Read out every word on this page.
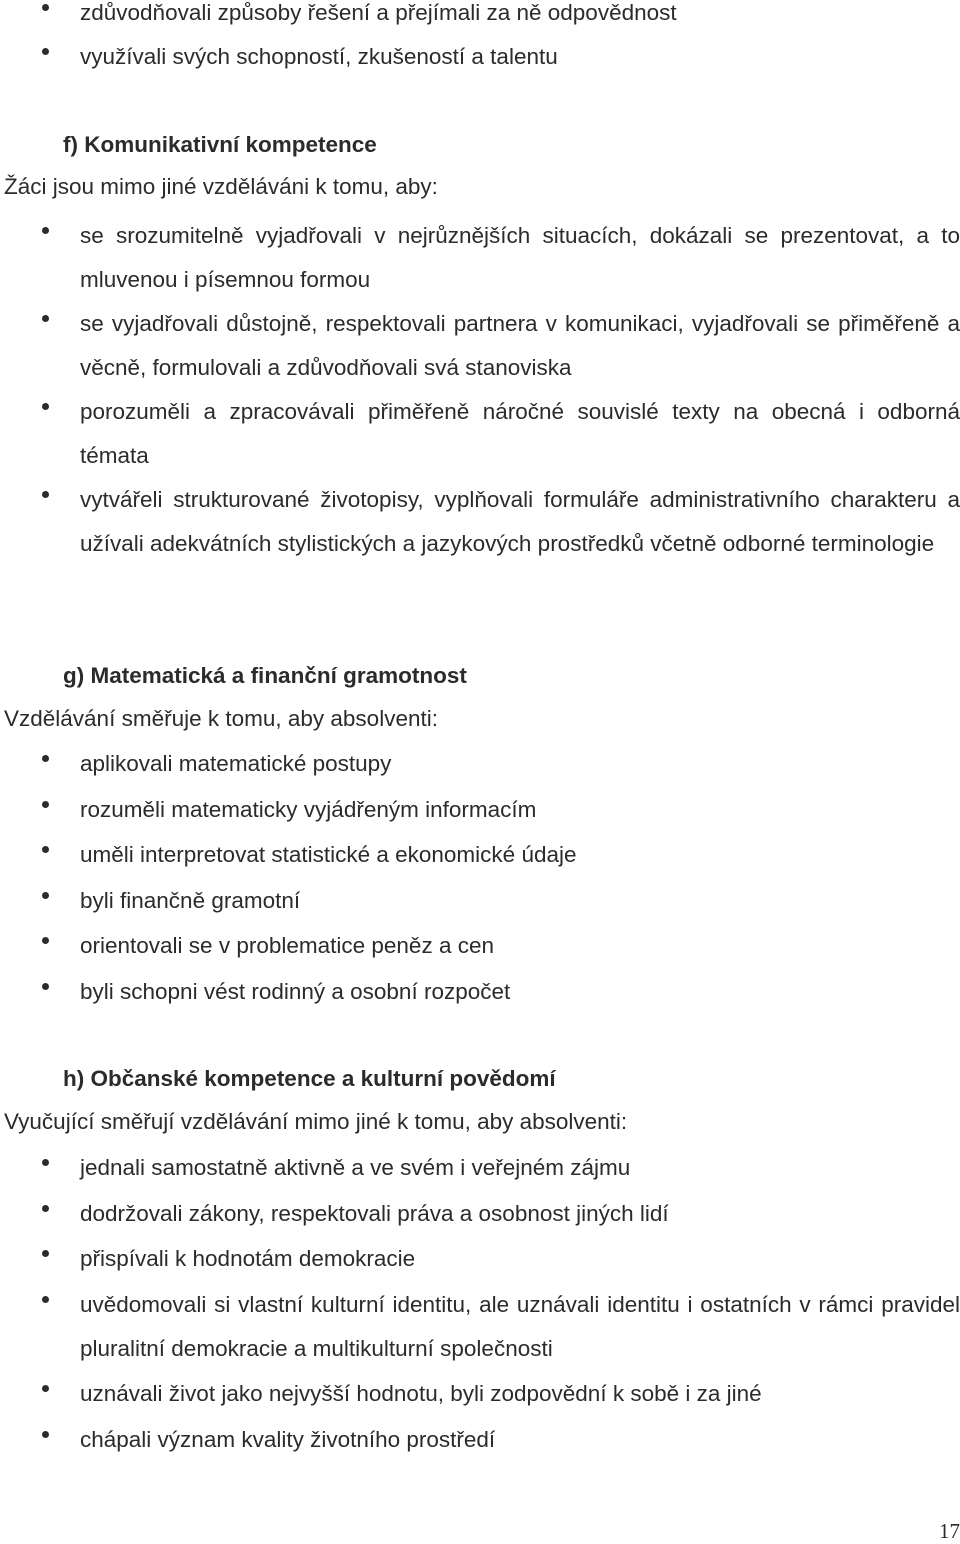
zdůvodňovali způsoby řešení a přejímali za ně odpovědnost
využívali svých schopností, zkušeností a talentu
f) Komunikativní kompetence
Žáci jsou mimo jiné vzděláváni k tomu, aby:
se srozumitelně vyjadřovali v nejrůznějších situacích, dokázali se prezentovat, a to mluvenou i písemnou formou
se vyjadřovali důstojně, respektovali partnera v komunikaci, vyjadřovali se přiměřeně a věcně, formulovali a zdůvodňovali svá stanoviska
porozuměli a zpracovávali přiměřeně náročné souvislé texty na obecná i odborná témata
vytvářeli strukturované životopisy, vyplňovali formuláře administrativního charakteru a užívali adekvátních stylistických a jazykových prostředků včetně odborné terminologie
g) Matematická a finanční gramotnost
Vzdělávání směřuje k tomu, aby absolventi:
aplikovali matematické postupy
rozuměli matematicky vyjádřeným informacím
uměli interpretovat statistické a ekonomické údaje
byli finančně gramotní
orientovali se v problematice peněz a cen
byli schopni vést rodinný a osobní rozpočet
h) Občanské kompetence a kulturní povědomí
Vyučující směřují vzdělávání mimo jiné k tomu, aby absolventi:
jednali samostatně aktivně a ve svém i veřejném zájmu
dodržovali zákony, respektovali práva a osobnost jiných lidí
přispívali k hodnotám demokracie
uvědomovali si vlastní kulturní identitu, ale uznávali identitu i ostatních v rámci pravidel pluralitní demokracie a multikulturní společnosti
uznávali život jako nejvyšší hodnotu, byli zodpovědní k sobě i za jiné
chápali význam kvality životního prostředí
17
